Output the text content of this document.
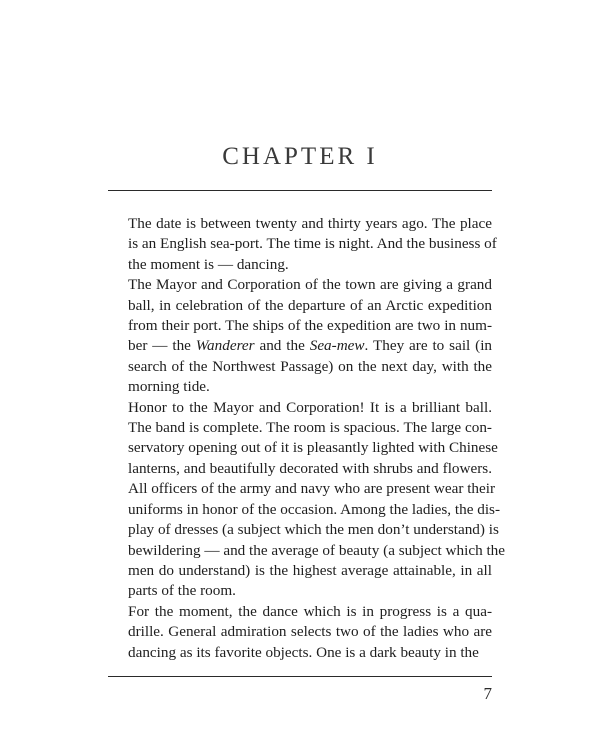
CHAPTER I
The date is between twenty and thirty years ago. The place
is an English sea-port. The time is night. And the business of
the moment is — dancing.
The Mayor and Corporation of the town are giving a grand
ball, in celebration of the departure of an Arctic expedition
from their port. The ships of the expedition are two in num-
ber — the Wanderer and the Sea-mew. They are to sail (in
search of the Northwest Passage) on the next day, with the
morning tide.
Honor to the Mayor and Corporation! It is a brilliant ball.
The band is complete. The room is spacious. The large con-
servatory opening out of it is pleasantly lighted with Chinese
lanterns, and beautifully decorated with shrubs and flowers.
All officers of the army and navy who are present wear their
uniforms in honor of the occasion. Among the ladies, the dis-
play of dresses (a subject which the men don’t understand) is
bewildering — and the average of beauty (a subject which the
men do understand) is the highest average attainable, in all
parts of the room.
For the moment, the dance which is in progress is a qua-
drille. General admiration selects two of the ladies who are
dancing as its favorite objects. One is a dark beauty in the
7
